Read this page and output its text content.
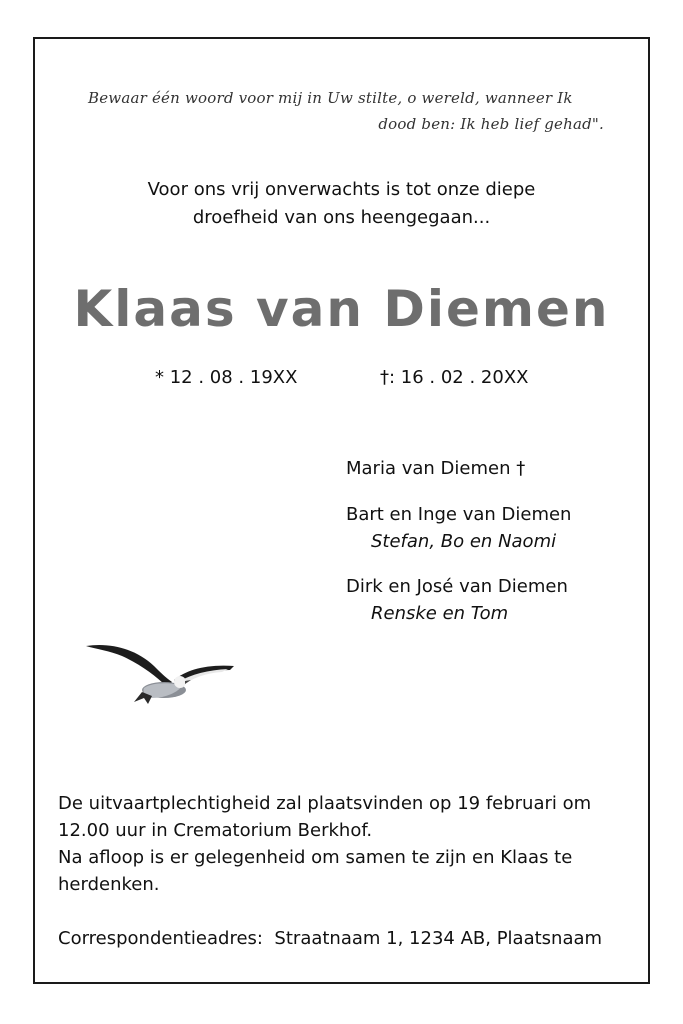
Bewaar één woord voor mij in Uw stilte, o wereld, wanneer Ik
dood ben: Ik heb lief gehad".
Voor ons vrij onverwachts is tot onze diepe
droefheid van ons heengegaan...
Klaas van Diemen
* 12 . 08 . 19XX	†: 16 . 02 . 20XX

Maria van Diemen †

Bart en Inge van Diemen

Stefan, Bo en Naomi

Dirk en José van Diemen

Renske en Tom

De uitvaartplechtigheid zal plaatsvinden op 19 februari om 12.00 uur in Crematorium Berkhof.

Na afloop is er gelegenheid om samen te zijn en Klaas te herdenken.

Correspondentieadres:  Straatnaam 1, 1234 AB, Plaatsnaam
